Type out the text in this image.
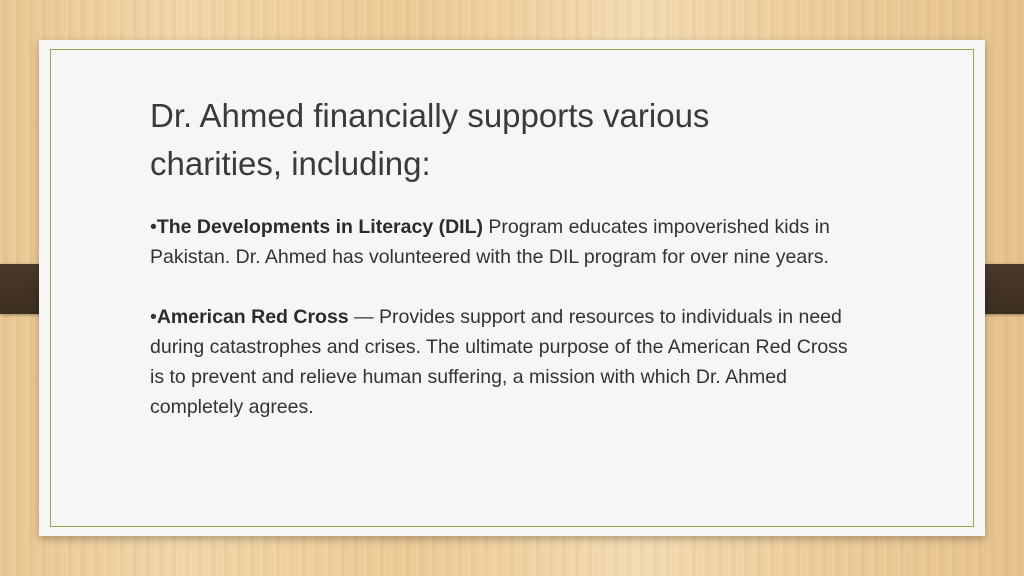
Dr. Ahmed financially supports various charities, including:

•The Developments in Literacy (DIL) Program educates impoverished kids in Pakistan. Dr. Ahmed has volunteered with the DIL program for over nine years.

•American Red Cross — Provides support and resources to individuals in need during catastrophes and crises. The ultimate purpose of the American Red Cross is to prevent and relieve human suffering, a mission with which Dr. Ahmed completely agrees.
